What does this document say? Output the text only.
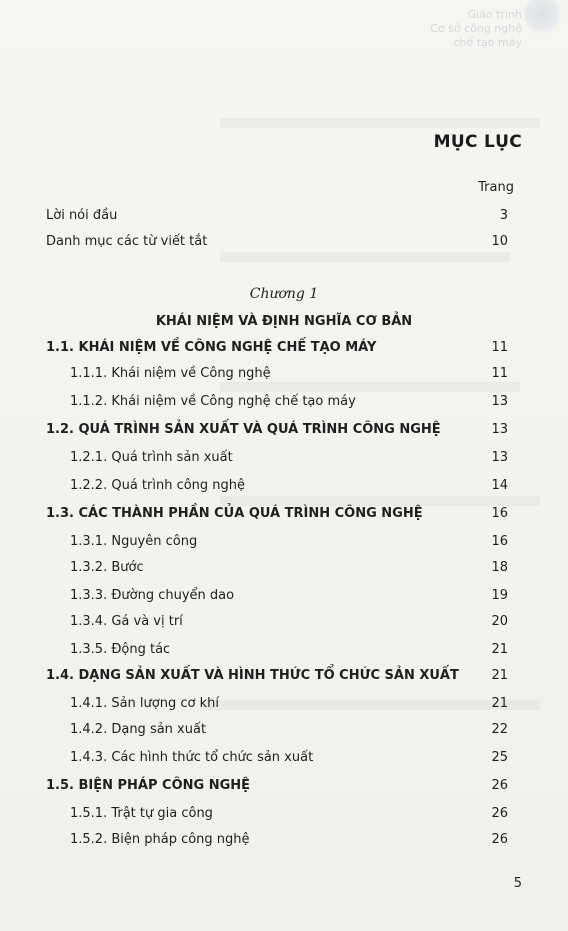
Giáo trình
Cơ sở công nghệ chế tạo máy
MỤC LỤC
Trang
Lời nói đầu	3
Danh mục các từ viết tắt	10
Chương 1
KHÁI NIỆM VÀ ĐỊNH NGHĨA CƠ BẢN
1.1. KHÁI NIỆM VỀ CÔNG NGHỆ CHẾ TẠO MÁY	11
1.1.1. Khái niệm về Công nghệ	11
1.1.2. Khái niệm về Công nghệ chế tạo máy	13
1.2. QUÁ TRÌNH SẢN XUẤT VÀ QUÁ TRÌNH CÔNG NGHỆ	13
1.2.1. Quá trình sản xuất	13
1.2.2. Quá trình công nghệ	14
1.3. CÁC THÀNH PHẦN CỦA QUÁ TRÌNH CÔNG NGHỆ	16
1.3.1. Nguyên công	16
1.3.2. Bước	18
1.3.3. Đường chuyển dao	19
1.3.4. Gá và vị trí	20
1.3.5. Động tác	21
1.4. DẠNG SẢN XUẤT VÀ HÌNH THỨC TỔ CHỨC SẢN XUẤT	21
1.4.1. Sản lượng cơ khí	21
1.4.2. Dạng sản xuất	22
1.4.3. Các hình thức tổ chức sản xuất	25
1.5. BIỆN PHÁP CÔNG NGHỆ	26
1.5.1. Trật tự gia công	26
1.5.2. Biện pháp công nghệ	26
5
